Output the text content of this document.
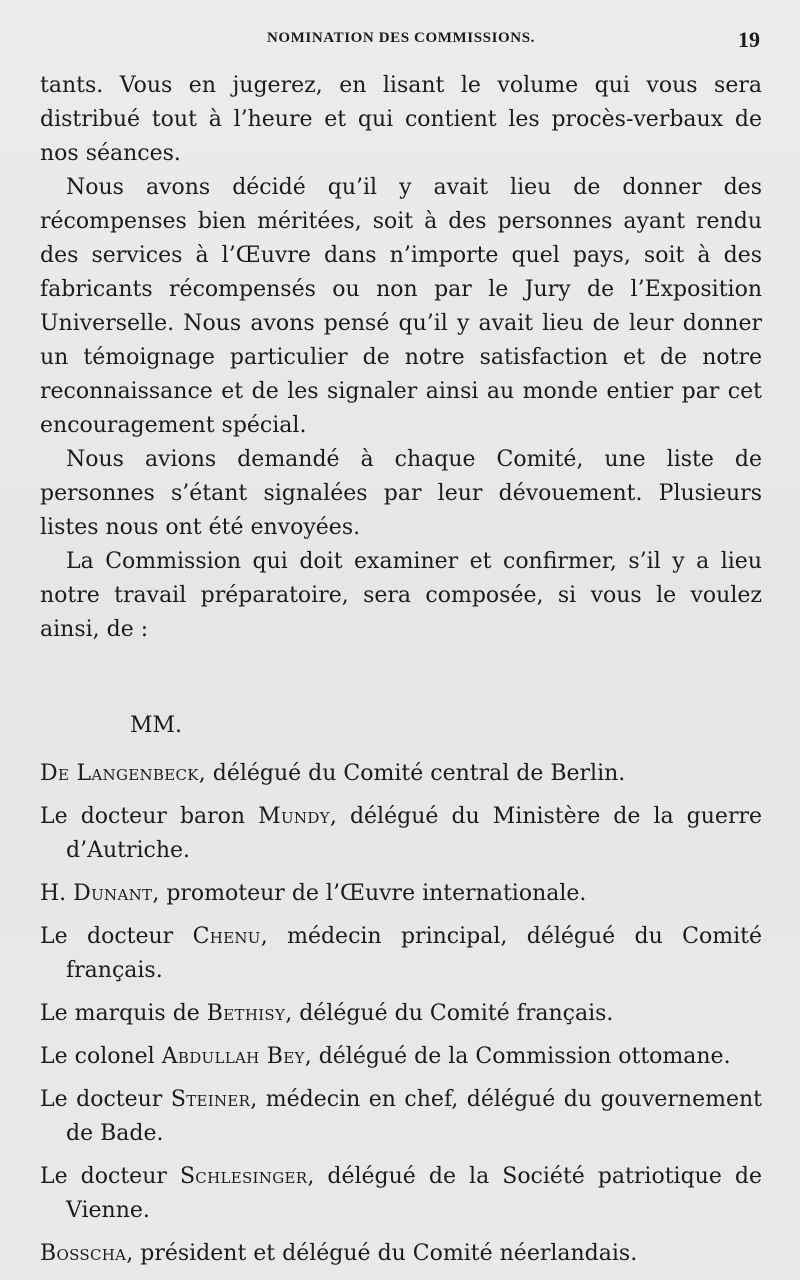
NOMINATION DES COMMISSIONS.	19

tants. Vous en jugerez, en lisant le volume qui vous sera distribué tout à l’heure et qui contient les procès-verbaux de nos séances.

Nous avons décidé qu’il y avait lieu de donner des récompenses bien méritées, soit à des personnes ayant rendu des services à l’Œuvre dans n’importe quel pays, soit à des fabricants récompensés ou non par le Jury de l’Exposition Universelle. Nous avons pensé qu’il y avait lieu de leur donner un témoignage particulier de notre satisfaction et de notre reconnaissance et de les signaler ainsi au monde entier par cet encouragement spécial.

Nous avions demandé à chaque Comité, une liste de personnes s’étant signalées par leur dévouement. Plusieurs listes nous ont été envoyées.

La Commission qui doit examiner et confirmer, s’il y a lieu notre travail préparatoire, sera composée, si vous le voulez ainsi, de :

MM.
De Langenbeck, délégué du Comité central de Berlin.
Le docteur baron Mundy, délégué du Ministère de la guerre d’Autriche.
H. Dunant, promoteur de l’Œuvre internationale.
Le docteur Chenu, médecin principal, délégué du Comité français.
Le marquis de Bethisy, délégué du Comité français.
Le colonel Abdullah Bey, délégué de la Commission ottomane.
Le docteur Steiner, médecin en chef, délégué du gouvernement de Bade.
Le docteur Schlesinger, délégué de la Société patriotique de Vienne.
Bosscha, président et délégué du Comité néerlandais.
